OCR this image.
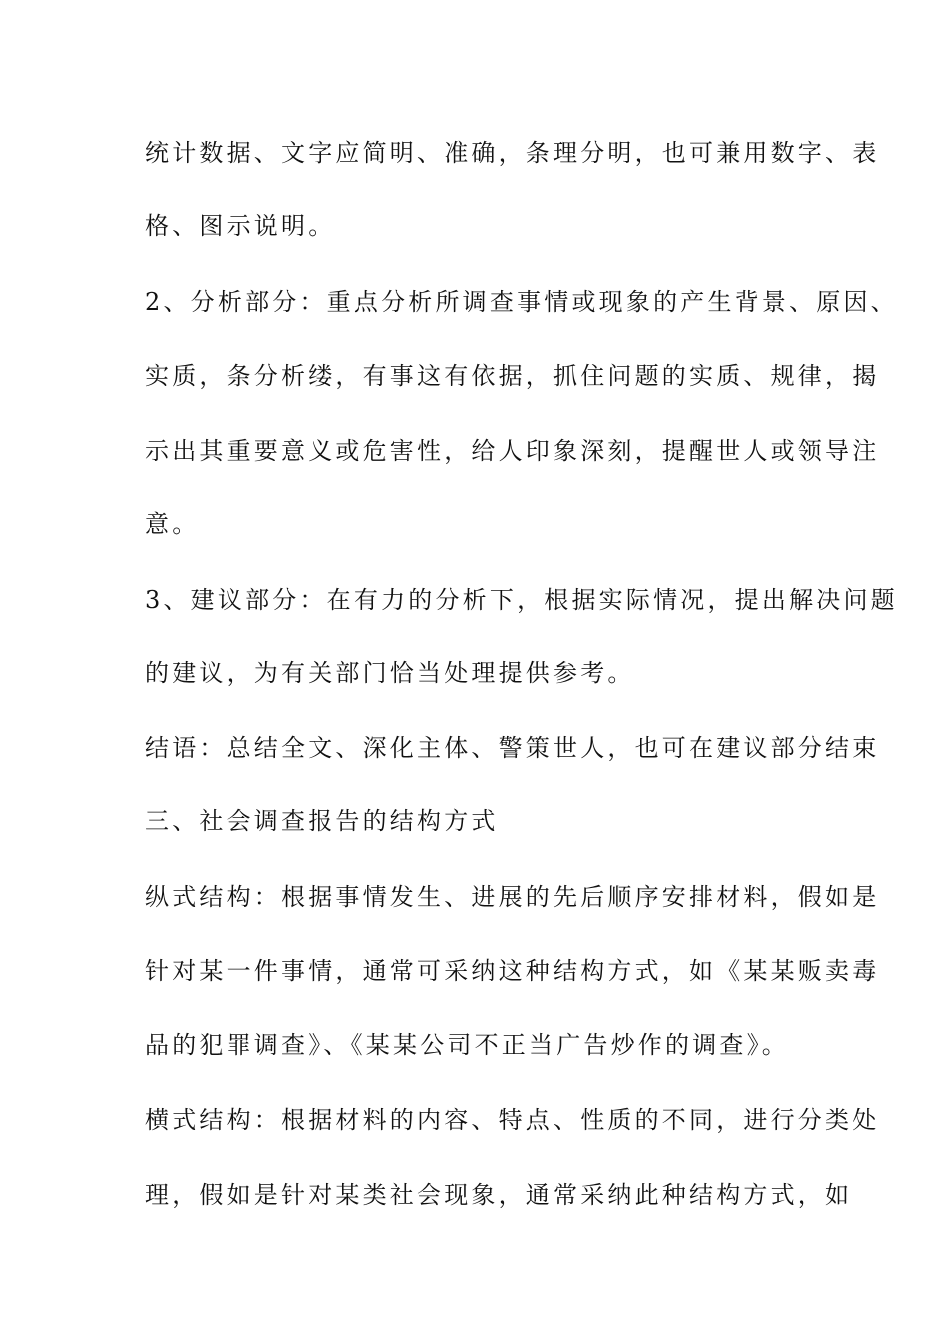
统计数据、文字应简明、准确，条理分明，也可兼用数字、表
格、图示说明。
2、分析部分：重点分析所调查事情或现象的产生背景、原因、
实质，条分析缕，有事这有依据，抓住问题的实质、规律，揭
示出其重要意义或危害性，给人印象深刻，提醒世人或领导注
意。
3、建议部分：在有力的分析下，根据实际情况，提出解决问题
的建议，为有关部门恰当处理提供参考。
结语：总结全文、深化主体、警策世人，也可在建议部分结束
三、社会调查报告的结构方式
纵式结构：根据事情发生、进展的先后顺序安排材料，假如是
针对某一件事情，通常可采纳这种结构方式，如《某某贩卖毒
品的犯罪调查》、《某某公司不正当广告炒作的调查》。
横式结构：根据材料的内容、特点、性质的不同，进行分类处
理，假如是针对某类社会现象，通常采纳此种结构方式，如
